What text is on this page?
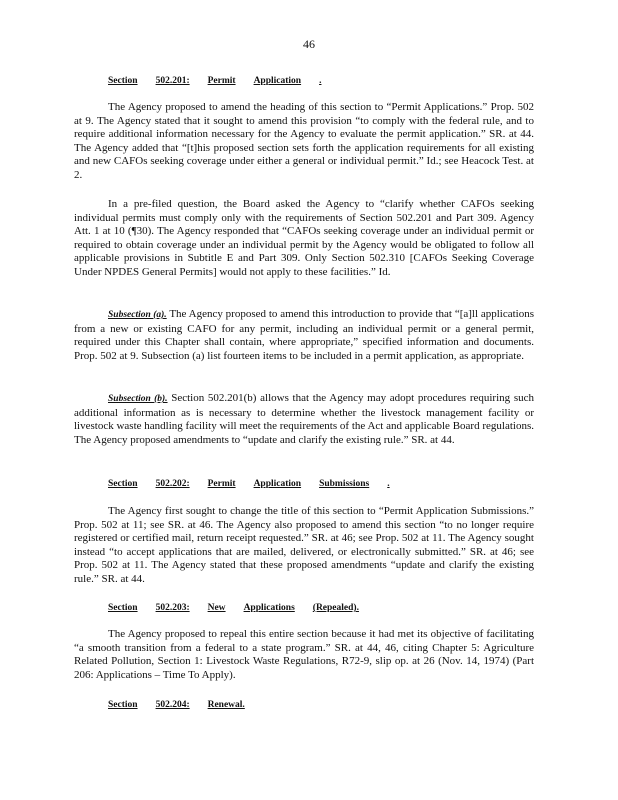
46
Section 502.201: Permit Application .
The Agency proposed to amend the heading of this section to “Permit Applications.” Prop. 502 at 9. The Agency stated that it sought to amend this provision “to comply with the federal rule, and to require additional information necessary for the Agency to evaluate the permit application.” SR. at 44. The Agency added that “[t]his proposed section sets forth the application requirements for all existing and new CAFOs seeking coverage under either a general or individual permit.” Id.; see Heacock Test. at 2.
In a pre-filed question, the Board asked the Agency to “clarify whether CAFOs seeking individual permits must comply only with the requirements of Section 502.201 and Part 309. Agency Att. 1 at 10 (¶30). The Agency responded that “CAFOs seeking coverage under an individual permit or required to obtain coverage under an individual permit by the Agency would be obligated to follow all applicable provisions in Subtitle E and Part 309. Only Section 502.310 [CAFOs Seeking Coverage Under NPDES General Permits] would not apply to these facilities.” Id.
Subsection (a). The Agency proposed to amend this introduction to provide that “[a]ll applications from a new or existing CAFO for any permit, including an individual permit or a general permit, required under this Chapter shall contain, where appropriate,” specified information and documents. Prop. 502 at 9. Subsection (a) list fourteen items to be included in a permit application, as appropriate.
Subsection (b). Section 502.201(b) allows that the Agency may adopt procedures requiring such additional information as is necessary to determine whether the livestock management facility or livestock waste handling facility will meet the requirements of the Act and applicable Board regulations. The Agency proposed amendments to “update and clarify the existing rule.” SR. at 44.
Section 502.202: Permit Application Submissions .
The Agency first sought to change the title of this section to “Permit Application Submissions.” Prop. 502 at 11; see SR. at 46. The Agency also proposed to amend this section “to no longer require registered or certified mail, return receipt requested.” SR. at 46; see Prop. 502 at 11. The Agency sought instead “to accept applications that are mailed, delivered, or electronically submitted.” SR. at 46; see Prop. 502 at 11. The Agency stated that these proposed amendments “update and clarify the existing rule.” SR. at 44.
Section 502.203: New Applications (Repealed).
The Agency proposed to repeal this entire section because it had met its objective of facilitating “a smooth transition from a federal to a state program.” SR. at 44, 46, citing Chapter 5: Agriculture Related Pollution, Section 1: Livestock Waste Regulations, R72-9, slip op. at 26 (Nov. 14, 1974) (Part 206: Applications – Time To Apply).
Section 502.204: Renewal.
